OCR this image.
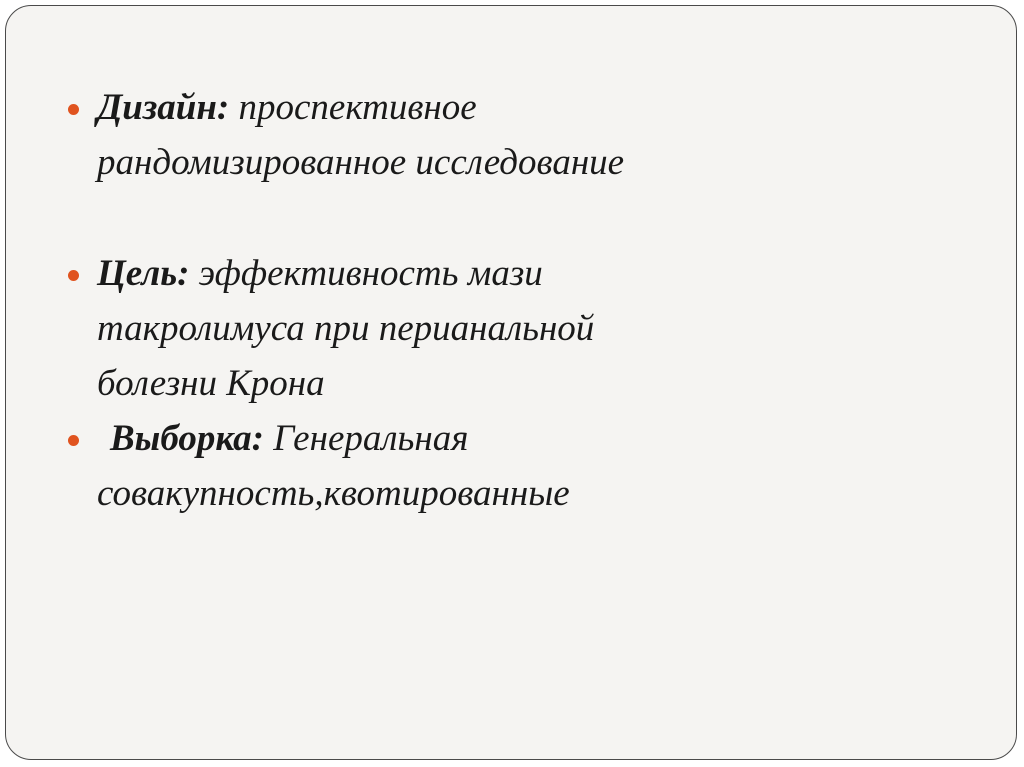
Дизайн: проспективное
рандомизированное исследование
Цель: эффективность мази
такролимуса при перианальной
болезни Крона
Выборка: Генеральная
совакупность,квотированные
